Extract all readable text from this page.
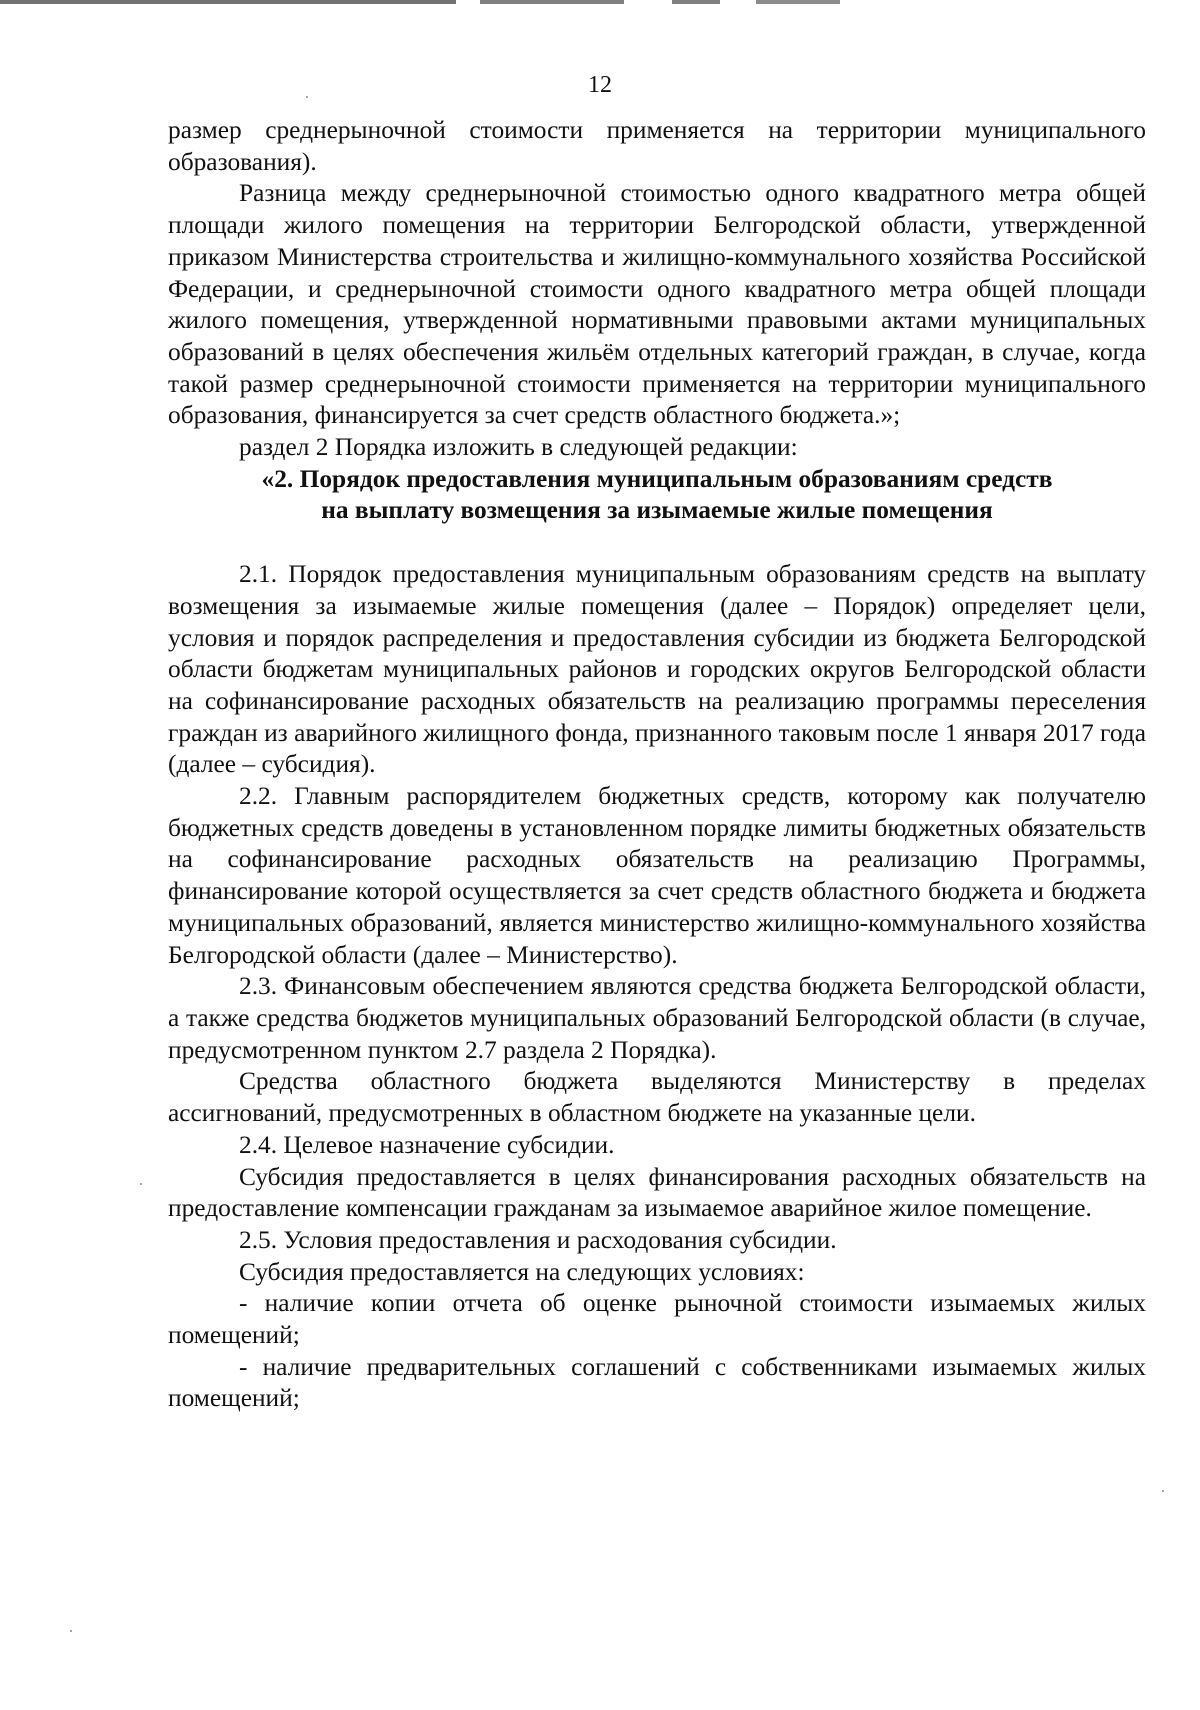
12

размер среднерыночной стоимости применяется на территории муниципального образования).

Разница между среднерыночной стоимостью одного квадратного метра общей площади жилого помещения на территории Белгородской области, утвержденной приказом Министерства строительства и жилищно-коммунального хозяйства Российской Федерации, и среднерыночной стоимости одного квадратного метра общей площади жилого помещения, утвержденной нормативными правовыми актами муниципальных образований в целях обеспечения жильём отдельных категорий граждан, в случае, когда такой размер среднерыночной стоимости применяется на территории муниципального образования, финансируется за счет средств областного бюджета.»;

раздел 2 Порядка изложить в следующей редакции:

«2. Порядок предоставления муниципальным образованиям средств

на выплату возмещения за изымаемые жилые помещения

2.1. Порядок предоставления муниципальным образованиям средств на выплату возмещения за изымаемые жилые помещения (далее – Порядок) определяет цели, условия и порядок распределения и предоставления субсидии из бюджета Белгородской области бюджетам муниципальных районов и городских округов Белгородской области на софинансирование расходных обязательств на реализацию программы переселения граждан из аварийного жилищного фонда, признанного таковым после 1 января 2017 года (далее – субсидия).

2.2. Главным распорядителем бюджетных средств, которому как получателю бюджетных средств доведены в установленном порядке лимиты бюджетных обязательств на софинансирование расходных обязательств на реализацию Программы, финансирование которой осуществляется за счет средств областного бюджета и бюджета муниципальных образований, является министерство жилищно-коммунального хозяйства Белгородской области (далее – Министерство).

2.3. Финансовым обеспечением являются средства бюджета Белгородской области, а также средства бюджетов муниципальных образований Белгородской области (в случае, предусмотренном пунктом 2.7 раздела 2 Порядка).

Средства областного бюджета выделяются Министерству в пределах ассигнований, предусмотренных в областном бюджете на указанные цели.

2.4. Целевое назначение субсидии.

Субсидия предоставляется в целях финансирования расходных обязательств на предоставление компенсации гражданам за изымаемое аварийное жилое помещение.

2.5. Условия предоставления и расходования субсидии.

Субсидия предоставляется на следующих условиях:

- наличие копии отчета об оценке рыночной стоимости изымаемых жилых помещений;

- наличие предварительных соглашений с собственниками изымаемых жилых помещений;
